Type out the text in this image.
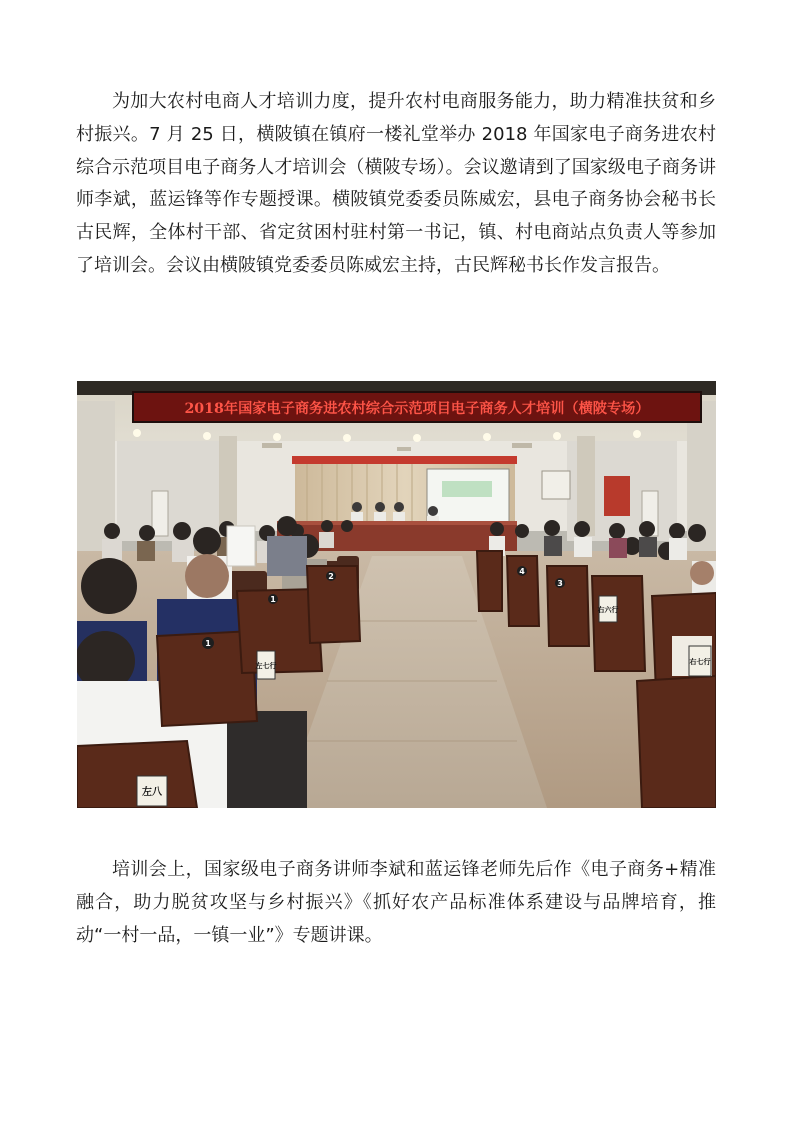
为加大农村电商人才培训力度，提升农村电商服务能力，助力精准扶贫和乡村振兴。7 月 25 日，横陂镇在镇府一楼礼堂举办 2018 年国家电子商务进农村综合示范项目电子商务人才培训会（横陂专场）。会议邀请到了国家级电子商务讲师李斌，蓝运锋等作专题授课。横陂镇党委委员陈威宏，县电子商务协会秘书长古民辉，全体村干部、省定贫困村驻村第一书记，镇、村电商站点负责人等参加了培训会。会议由横陂镇党委委员陈威宏主持，古民辉秘书长作发言报告。

2018年国家电子商务进农村综合示范项目电子商务人才培训（横陂专场）
左七行
左八
1
1
2
右六行
右七行
3
4

培训会上，国家级电子商务讲师李斌和蓝运锋老师先后作《电子商务+精准融合，助力脱贫攻坚与乡村振兴》《抓好农产品标准体系建设与品牌培育，推动“一村一品，一镇一业”》专题讲课。
